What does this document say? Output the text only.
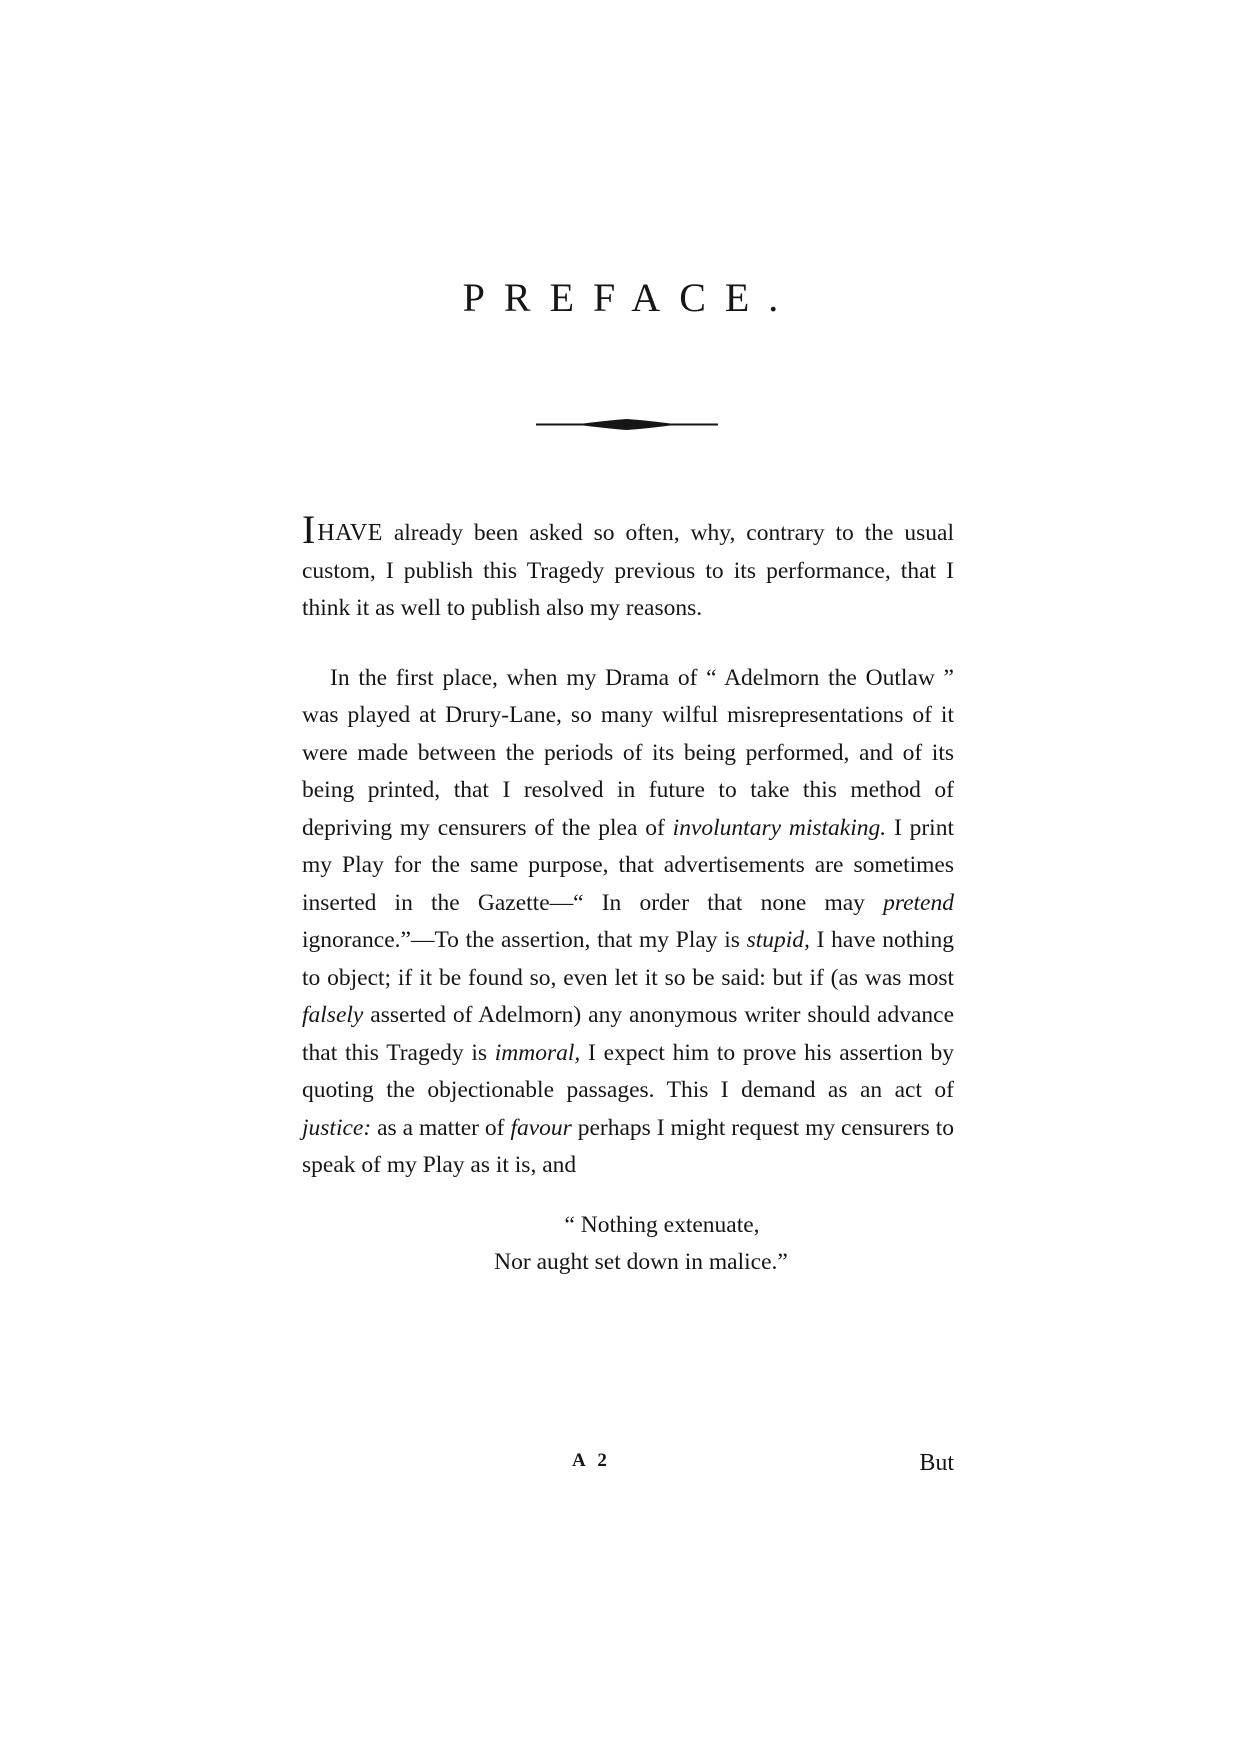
PREFACE.

IHAVE already been asked so often, why, contrary to the usual custom, I publish this Tragedy previous to its performance, that I think it as well to publish also my reasons.

In the first place, when my Drama of “ Adelmorn the Outlaw ” was played at Drury-Lane, so many wilful misrepresentations of it were made between the periods of its being performed, and of its being printed, that I resolved in future to take this method of depriving my censurers of the plea of involuntary mistaking. I print my Play for the same purpose, that advertisements are sometimes inserted in the Gazette—“ In order that none may pretend ignorance.”—To the assertion, that my Play is stupid, I have nothing to object; if it be found so, even let it so be said: but if (as was most falsely asserted of Adelmorn) any anonymous writer should advance that this Tragedy is immoral, I expect him to prove his assertion by quoting the objectionable passages. This I demand as an act of justice: as a matter of favour perhaps I might request my censurers to speak of my Play as it is, and

“ Nothing extenuate,
Nor aught set down in malice.”

A 2	But
